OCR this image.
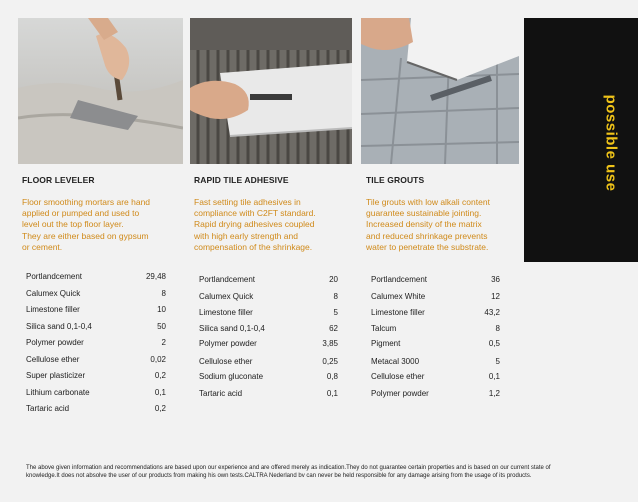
possible use
FLOOR LEVELER	RAPID TILE ADHESIVE	TILE GROUTS
Floor smoothing mortars are hand
applied or pumped and used to
level out the top floor layer.
They are either based on gypsum
or cement.
Fast setting tile adhesives in
compliance with C2FT standard.
Rapid drying adhesives coupled
with high early strength and
compensation of the shrinkage.
Tile grouts with low alkali content
guarantee sustainable jointing.
Increased density of the matrix
and reduced shrinkage prevents
water to penetrate the substrate.
Portlandcement	29,48
Calumex Quick	8
Limestone filler	10
Silica sand 0,1-0,4	50
Polymer powder	2
Cellulose ether	0,02
Super plasticizer	0,2
Lithium carbonate	0,1
Tartaric acid	0,2
Portlandcement	20
Calumex Quick	8
Limestone filler	5
Silica sand 0,1-0,4	62
Polymer powder	3,85
Cellulose ether	0,25
Sodium gluconate	0,8
Tartaric acid	0,1
Portlandcement	36
Calumex White	12
Limestone filler	43,2
Talcum	8
Pigment	0,5
Metacal 3000	5
Cellulose ether	0,1
Polymer powder	1,2
The above given information and recommendations are based upon our experience and are offered merely as indication.They do not guarantee certain properties and is based on our current state of
knowledge.It does not absolve the user of our products from making his own tests.CALTRA Nederland bv can never be held responsible for any damage arising from the usage of its products.
